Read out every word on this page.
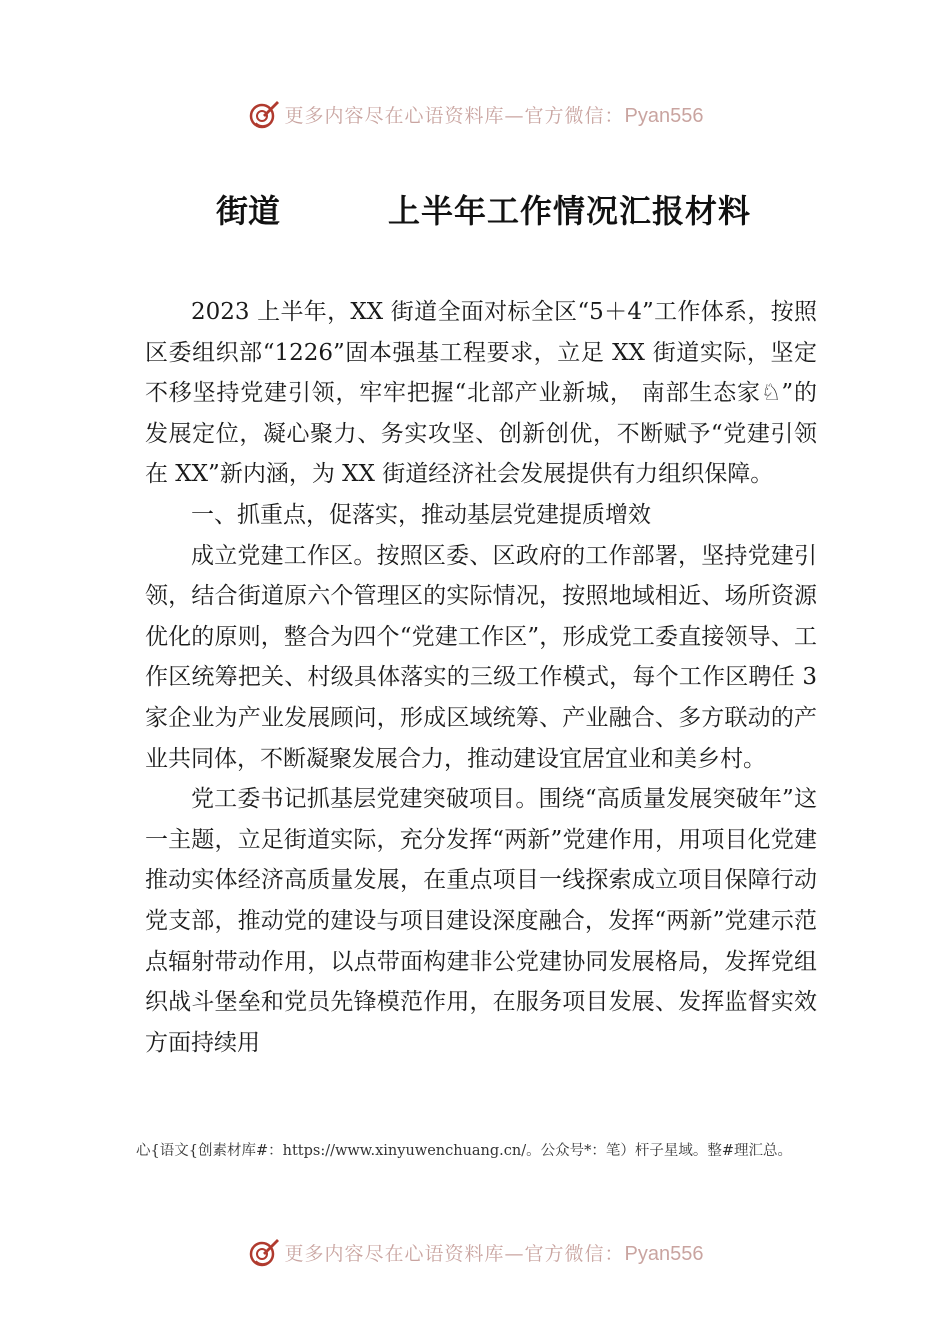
更多内容尽在心语资料库—官方微信：Pyan556
街道	上半年工作情况汇报材料

2023 上半年，XX 街道全面对标全区“5＋4”工作体系，按照区委组织部“1226”固本强基工程要求，立足 XX 街道实际，坚定不移坚持党建引领，牢牢把握“北部产业新城， 南部生态家♘”的发展定位，凝心聚力、务实攻坚、创新创优，不断赋予“党建引领在 XX”新内涵，为 XX 街道经济社会发展提供有力组织保障。

一、抓重点，促落实，推动基层党建提质增效

成立党建工作区。按照区委、区政府的工作部署，坚持党建引领，结合街道原六个管理区的实际情况，按照地域相近、场所资源优化的原则，整合为四个“党建工作区”，形成党工委直接领导、工作区统筹把关、村级具体落实的三级工作模式，每个工作区聘任 3 家企业为产业发展顾问，形成区域统筹、产业融合、多方联动的产业共同体，不断凝聚发展合力，推动建设宜居宜业和美乡村。

党工委书记抓基层党建突破项目。围绕“高质量发展突破年”这一主题，立足街道实际，充分发挥“两新”党建作用，用项目化党建推动实体经济高质量发展，在重点项目一线探索成立项目保障行动党支部，推动党的建设与项目建设深度融合，发挥“两新”党建示范点辐射带动作用，以点带面构建非公党建协同发展格局，发挥党组织战斗堡垒和党员先锋模范作用，在服务项目发展、发挥监督实效方面持续用

心{语文{创素材库#：https://www.xinyuwenchuang.cn/。公众号*：笔）杆子星域。整#理汇总。
更多内容尽在心语资料库—官方微信：Pyan556
